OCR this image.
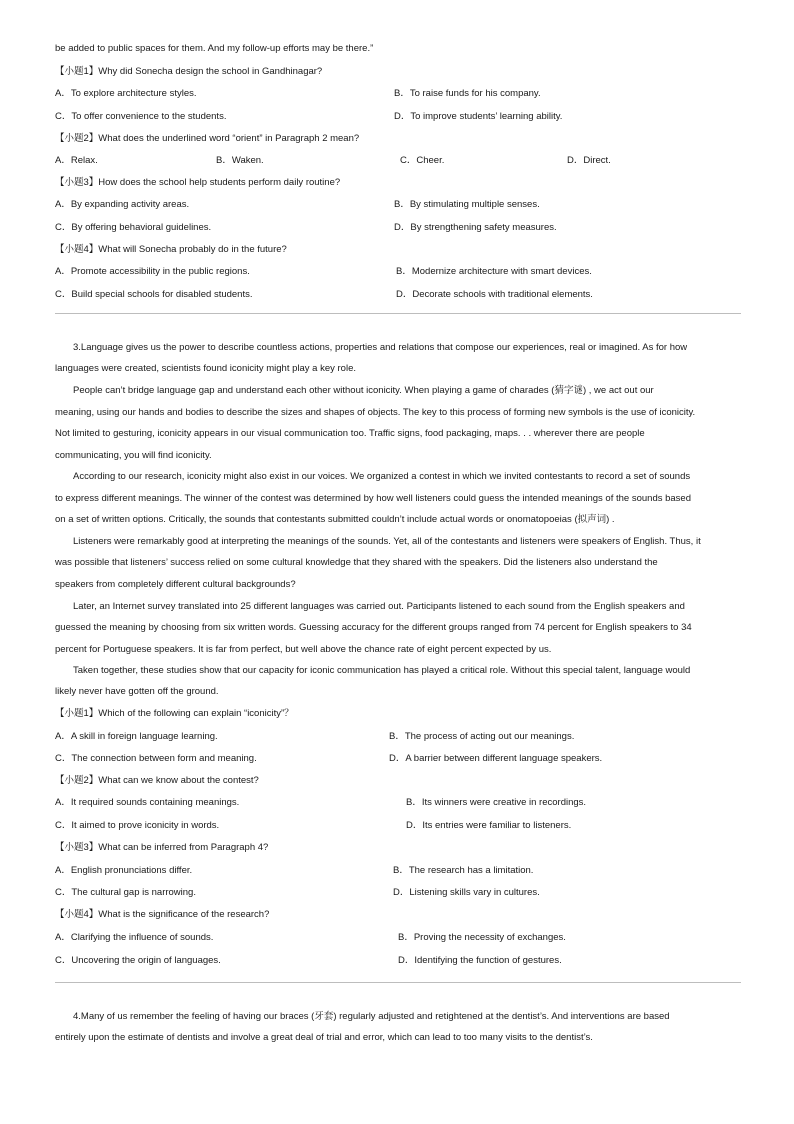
be added to public spaces for them. And my follow-up efforts may be there.”
【小题1】Why did Sonecha design the school in Gandhinagar?
A．To explore architecture styles.	B．To raise funds for his company.
C．To offer convenience to the students.	D．To improve students’ learning ability.
【小题2】What does the underlined word “orient” in Paragraph 2 mean?
A．Relax.	B．Waken.	C．Cheer.	D．Direct.
【小题3】How does the school help students perform daily routine?
A．By expanding activity areas.	B．By stimulating multiple senses.
C．By offering behavioral guidelines.	D．By strengthening safety measures.
【小题4】What will Sonecha probably do in the future?
A．Promote accessibility in the public regions.	B．Modernize architecture with smart devices.
C．Build special schools for disabled students.	D．Decorate schools with traditional elements.
3.Language gives us the power to describe countless actions, properties and relations that compose our experiences, real or imagined. As for how
languages were created, scientists found iconicity might play a key role.
People can’t bridge language gap and understand each other without iconicity. When playing a game of charades (猜字谜) , we act out our
meaning, using our hands and bodies to describe the sizes and shapes of objects. The key to this process of forming new symbols is the use of iconicity.
Not limited to gesturing, iconicity appears in our visual communication too. Traffic signs, food packaging, maps. . . wherever there are people
communicating, you will find iconicity.
According to our research, iconicity might also exist in our voices. We organized a contest in which we invited contestants to record a set of sounds
to express different meanings. The winner of the contest was determined by how well listeners could guess the intended meanings of the sounds based
on a set of written options. Critically, the sounds that contestants submitted couldn’t include actual words or onomatopoeias (拟声词) .
Listeners were remarkably good at interpreting the meanings of the sounds. Yet, all of the contestants and listeners were speakers of English. Thus, it
was possible that listeners’ success relied on some cultural knowledge that they shared with the speakers. Did the listeners also understand the
speakers from completely different cultural backgrounds?
Later, an Internet survey translated into 25 different languages was carried out. Participants listened to each sound from the English speakers and
guessed the meaning by choosing from six written words. Guessing accuracy for the different groups ranged from 74 percent for English speakers to 34
percent for Portuguese speakers. It is far from perfect, but well above the chance rate of eight percent expected by us.
Taken together, these studies show that our capacity for iconic communication has played a critical role. Without this special talent, language would
likely never have gotten off the ground.
【小题1】Which of the following can explain “iconicity”？
A．A skill in foreign language learning.	B．The process of acting out our meanings.
C．The connection between form and meaning.	D．A barrier between different language speakers.
【小题2】What can we know about the contest?
A．It required sounds containing meanings.	B．Its winners were creative in recordings.
C．It aimed to prove iconicity in words.	D．Its entries were familiar to listeners.
【小题3】What can be inferred from Paragraph 4?
A．English pronunciations differ.	B．The research has a limitation.
C．The cultural gap is narrowing.	D．Listening skills vary in cultures.
【小题4】What is the significance of the research?
A．Clarifying the influence of sounds.	B．Proving the necessity of exchanges.
C．Uncovering the origin of languages.	D．Identifying the function of gestures.
4.Many of us remember the feeling of having our braces (牙套) regularly adjusted and retightened at the dentist’s. And interventions are based
entirely upon the estimate of dentists and involve a great deal of trial and error, which can lead to too many visits to the dentist’s.
